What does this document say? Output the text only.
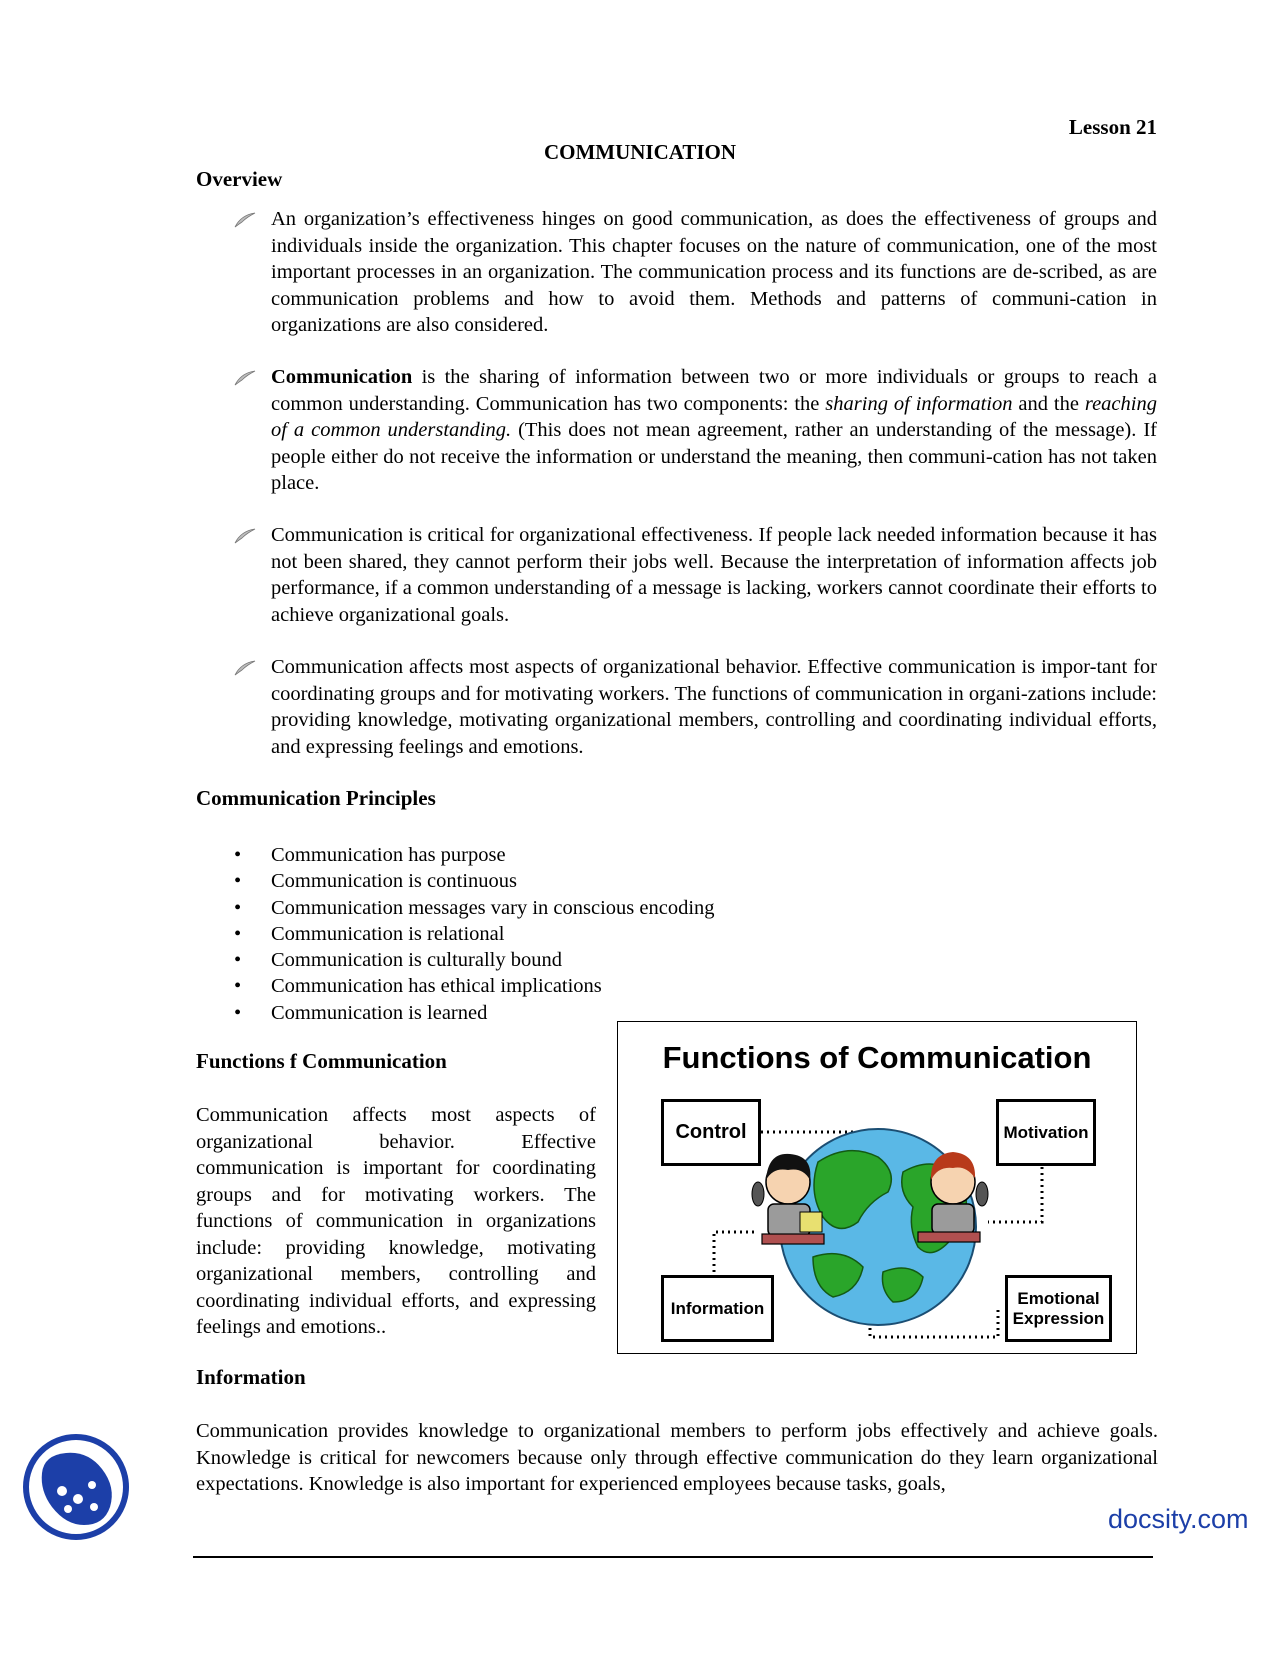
Lesson 21
COMMUNICATION
Overview

An organization’s effectiveness hinges on good communication, as does the effectiveness of groups and individuals inside the organization. This chapter focuses on the nature of communication, one of the most important processes in an organization. The communication process and its functions are de-scribed, as are communication problems and how to avoid them. Methods and patterns of communi-cation in organizations are also considered.

Communication is the sharing of information between two or more individuals or groups to reach a common understanding. Communication has two components: the sharing of information and the reaching of a common understanding. (This does not mean agreement, rather an understanding of the message). If people either do not receive the information or understand the meaning, then communi-cation has not taken place.

Communication is critical for organizational effectiveness. If people lack needed information because it has not been shared, they cannot perform their jobs well. Because the interpretation of information affects job performance, if a common understanding of a message is lacking, workers cannot coordinate their efforts to achieve organizational goals.

Communication affects most aspects of organizational behavior. Effective communication is impor-tant for coordinating groups and for motivating workers. The functions of communication in organi-zations include: providing knowledge, motivating organizational members, controlling and coordinating individual efforts, and expressing feelings and emotions.

Communication Principles
• Communication has purpose
• Communication is continuous
• Communication messages vary in conscious encoding
• Communication is relational
• Communication is culturally bound
• Communication has ethical implications
• Communication is learned
Functions f Communication

Communication affects most aspects of organizational behavior. Effective communication is important for coordinating groups and for motivating workers. The functions of communication in organizations include: providing knowledge, motivating organizational members, controlling and coordinating individual efforts, and expressing feelings and emotions..

Functions of Communication
Control	Motivation
Information
Emotional Expression
Information

Communication provides knowledge to organizational members to perform jobs effectively and achieve goals. Knowledge is critical for newcomers because only through effective communication do they learn organizational expectations. Knowledge is also important for experienced employees because tasks, goals,

docsity.com
